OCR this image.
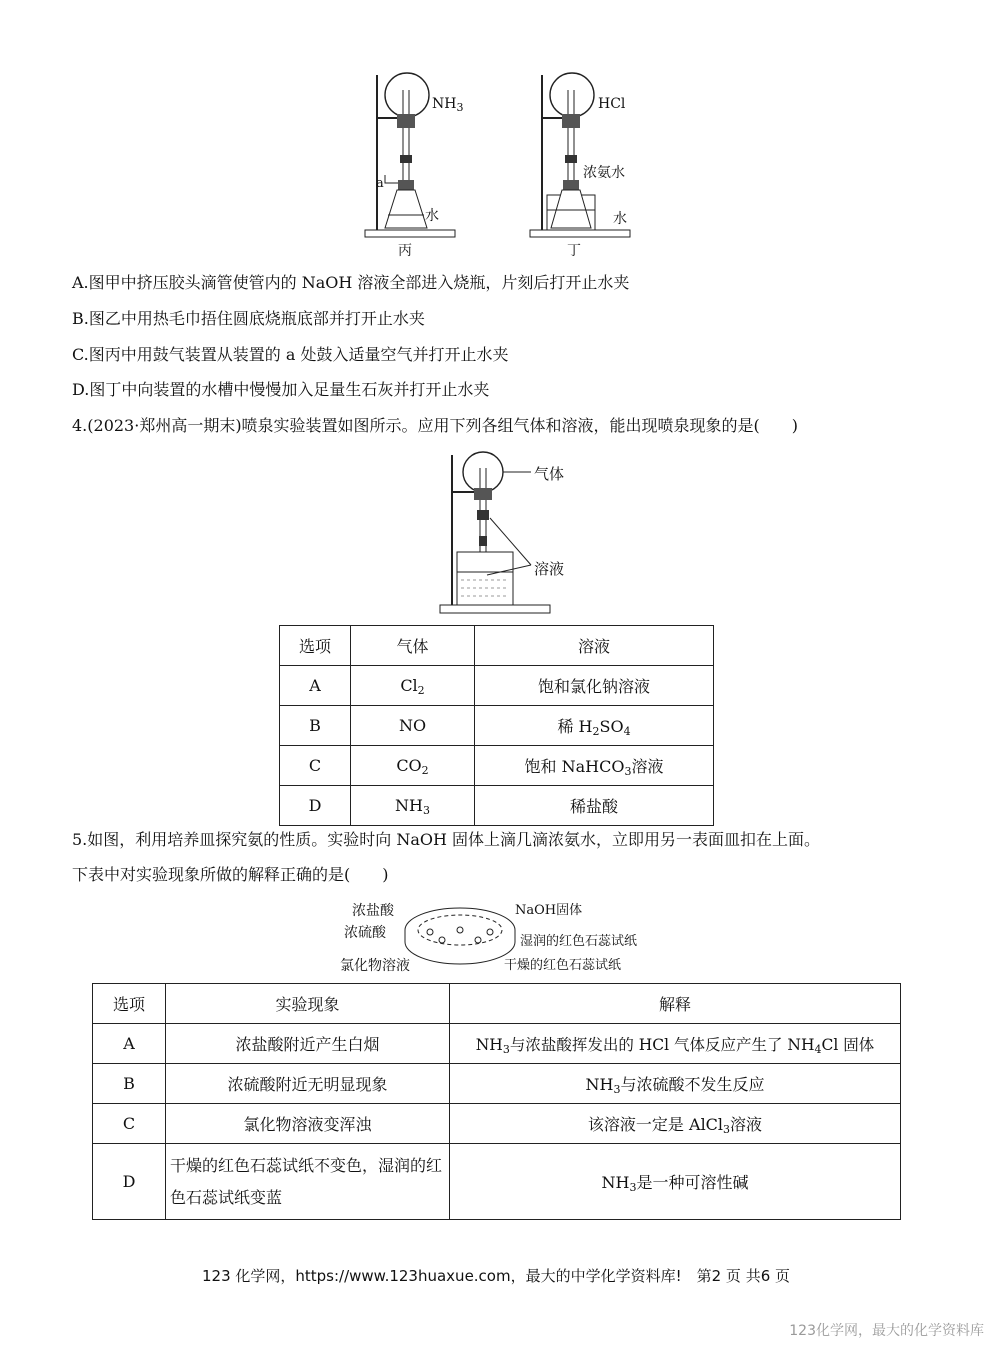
$NH_3$
a
水
丙
HCl
浓氨水
水
丁
A.图甲中挤压胶头滴管使管内的 NaOH 溶液全部进入烧瓶，片刻后打开止水夹
B.图乙中用热毛巾捂住圆底烧瓶底部并打开止水夹
C.图丙中用鼓气装置从装置的 a 处鼓入适量空气并打开止水夹
D.图丁中向装置的水槽中慢慢加入足量生石灰并打开止水夹
4.(2023·郑州高一期末)喷泉实验装置如图所示。应用下列各组气体和溶液，能出现喷泉现象的是(　　)
气体
溶液
选项	气体	溶液
A	$Cl_2$	饱和氯化钠溶液
B	NO	稀 $H_2SO_4$
C	$CO_2$	饱和 NaHCO$_3$溶液
D	$NH_3$	稀盐酸
5.如图，利用培养皿探究氨的性质。实验时向 NaOH 固体上滴几滴浓氨水，立即用另一表面皿扣在上面。
下表中对实验现象所做的解释正确的是(　　)
浓盐酸
浓硫酸
氯化物溶液
NaOH固体
湿润的红色石蕊试纸
干燥的红色石蕊试纸
选项	实验现象	解释
A	浓盐酸附近产生白烟	$NH_3$与浓盐酸挥发出的 HCl 气体反应产生了 $NH_4Cl$ 固体
B	浓硫酸附近无明显现象	$NH_3$与浓硫酸不发生反应
C	氯化物溶液变浑浊	该溶液一定是 AlCl$_3$溶液
D	干燥的红色石蕊试纸不变色，湿润的红色石蕊试纸变蓝	$NH_3$是一种可溶性碱
123 化学网，https://www.123huaxue.com，最大的中学化学资料库!　第2 页 共6 页
123化学网，最大的化学资料库
